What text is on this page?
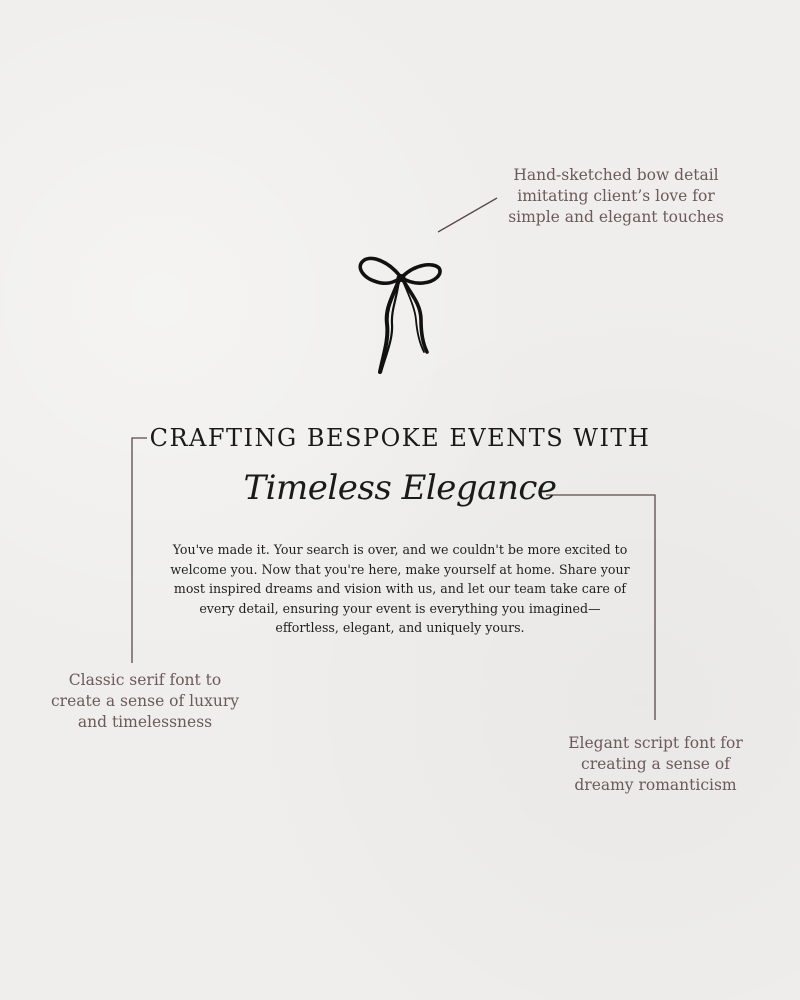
Hand-sketched bow detail
imitating client’s love for
simple and elegant touches
CRAFTING BESPOKE EVENTS WITH
Timeless Elegance
You've made it. Your search is over, and we couldn't be more excited to
welcome you. Now that you're here, make yourself at home. Share your
most inspired dreams and vision with us, and let our team take care of
every detail, ensuring your event is everything you imagined—
effortless, elegant, and uniquely yours.
Classic serif font to
create a sense of luxury
and timelessness
Elegant script font for
creating a sense of
dreamy romanticism
